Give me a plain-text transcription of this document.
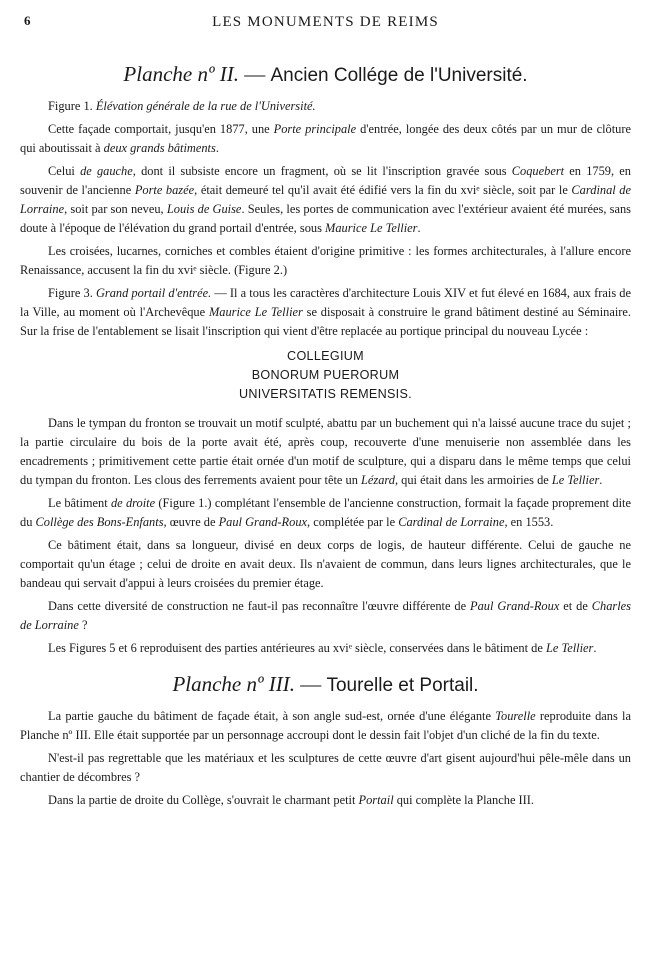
6	LES MONUMENTS DE REIMS
Planche nº II. — Ancien Collége de l'Université.

Figure 1. Élévation générale de la rue de l'Université.

Cette façade comportait, jusqu'en 1877, une Porte principale d'entrée, longée des deux côtés par un mur de clôture qui aboutissait à deux grands bâtiments.

Celui de gauche, dont il subsiste encore un fragment, où se lit l'inscription gravée sous Coquebert en 1759, en souvenir de l'ancienne Porte bazée, était demeuré tel qu'il avait été édifié vers la fin du xviᵉ siècle, soit par le Cardinal de Lorraine, soit par son neveu, Louis de Guise. Seules, les portes de communication avec l'extérieur avaient été murées, sans doute à l'époque de l'élévation du grand portail d'entrée, sous Maurice Le Tellier.

Les croisées, lucarnes, corniches et combles étaient d'origine primitive : les formes architecturales, à l'allure encore Renaissance, accusent la fin du xviᵉ siècle. (Figure 2.)

Figure 3. Grand portail d'entrée. — Il a tous les caractères d'architecture Louis XIV et fut élevé en 1684, aux frais de la Ville, au moment où l'Archevêque Maurice Le Tellier se disposait à construire le grand bâtiment destiné au Séminaire. Sur la frise de l'entablement se lisait l'inscription qui vient d'être replacée au portique principal du nouveau Lycée :

COLLEGIUM
BONORUM PUERORUM
UNIVERSITATIS REMENSIS.

Dans le tympan du fronton se trouvait un motif sculpté, abattu par un buchement qui n'a laissé aucune trace du sujet ; la partie circulaire du bois de la porte avait été, après coup, recouverte d'une menuiserie non assemblée dans les encadrements ; primitivement cette partie était ornée d'un motif de sculpture, qui a disparu dans le même temps que celui du tympan du fronton. Les clous des ferrements avaient pour tête un Lézard, qui était dans les armoiries de Le Tellier.

Le bâtiment de droite (Figure 1.) complétant l'ensemble de l'ancienne construction, formait la façade proprement dite du Collège des Bons-Enfants, œuvre de Paul Grand-Roux, complétée par le Cardinal de Lorraine, en 1553.

Ce bâtiment était, dans sa longueur, divisé en deux corps de logis, de hauteur différente. Celui de gauche ne comportait qu'un étage ; celui de droite en avait deux. Ils n'avaient de commun, dans leurs lignes architecturales, que le bandeau qui servait d'appui à leurs croisées du premier étage.

Dans cette diversité de construction ne faut-il pas reconnaître l'œuvre différente de Paul Grand-Roux et de Charles de Lorraine ?

Les Figures 5 et 6 reproduisent des parties antérieures au xviᵉ siècle, conservées dans le bâtiment de Le Tellier.

Planche nº III. — Tourelle et Portail.

La partie gauche du bâtiment de façade était, à son angle sud-est, ornée d'une élégante Tourelle reproduite dans la Planche nº III. Elle était supportée par un personnage accroupi dont le dessin fait l'objet d'un cliché de la fin du texte.

N'est-il pas regrettable que les matériaux et les sculptures de cette œuvre d'art gisent aujourd'hui pêle-mêle dans un chantier de décombres ?

Dans la partie de droite du Collège, s'ouvrait le charmant petit Portail qui complète la Planche III.
